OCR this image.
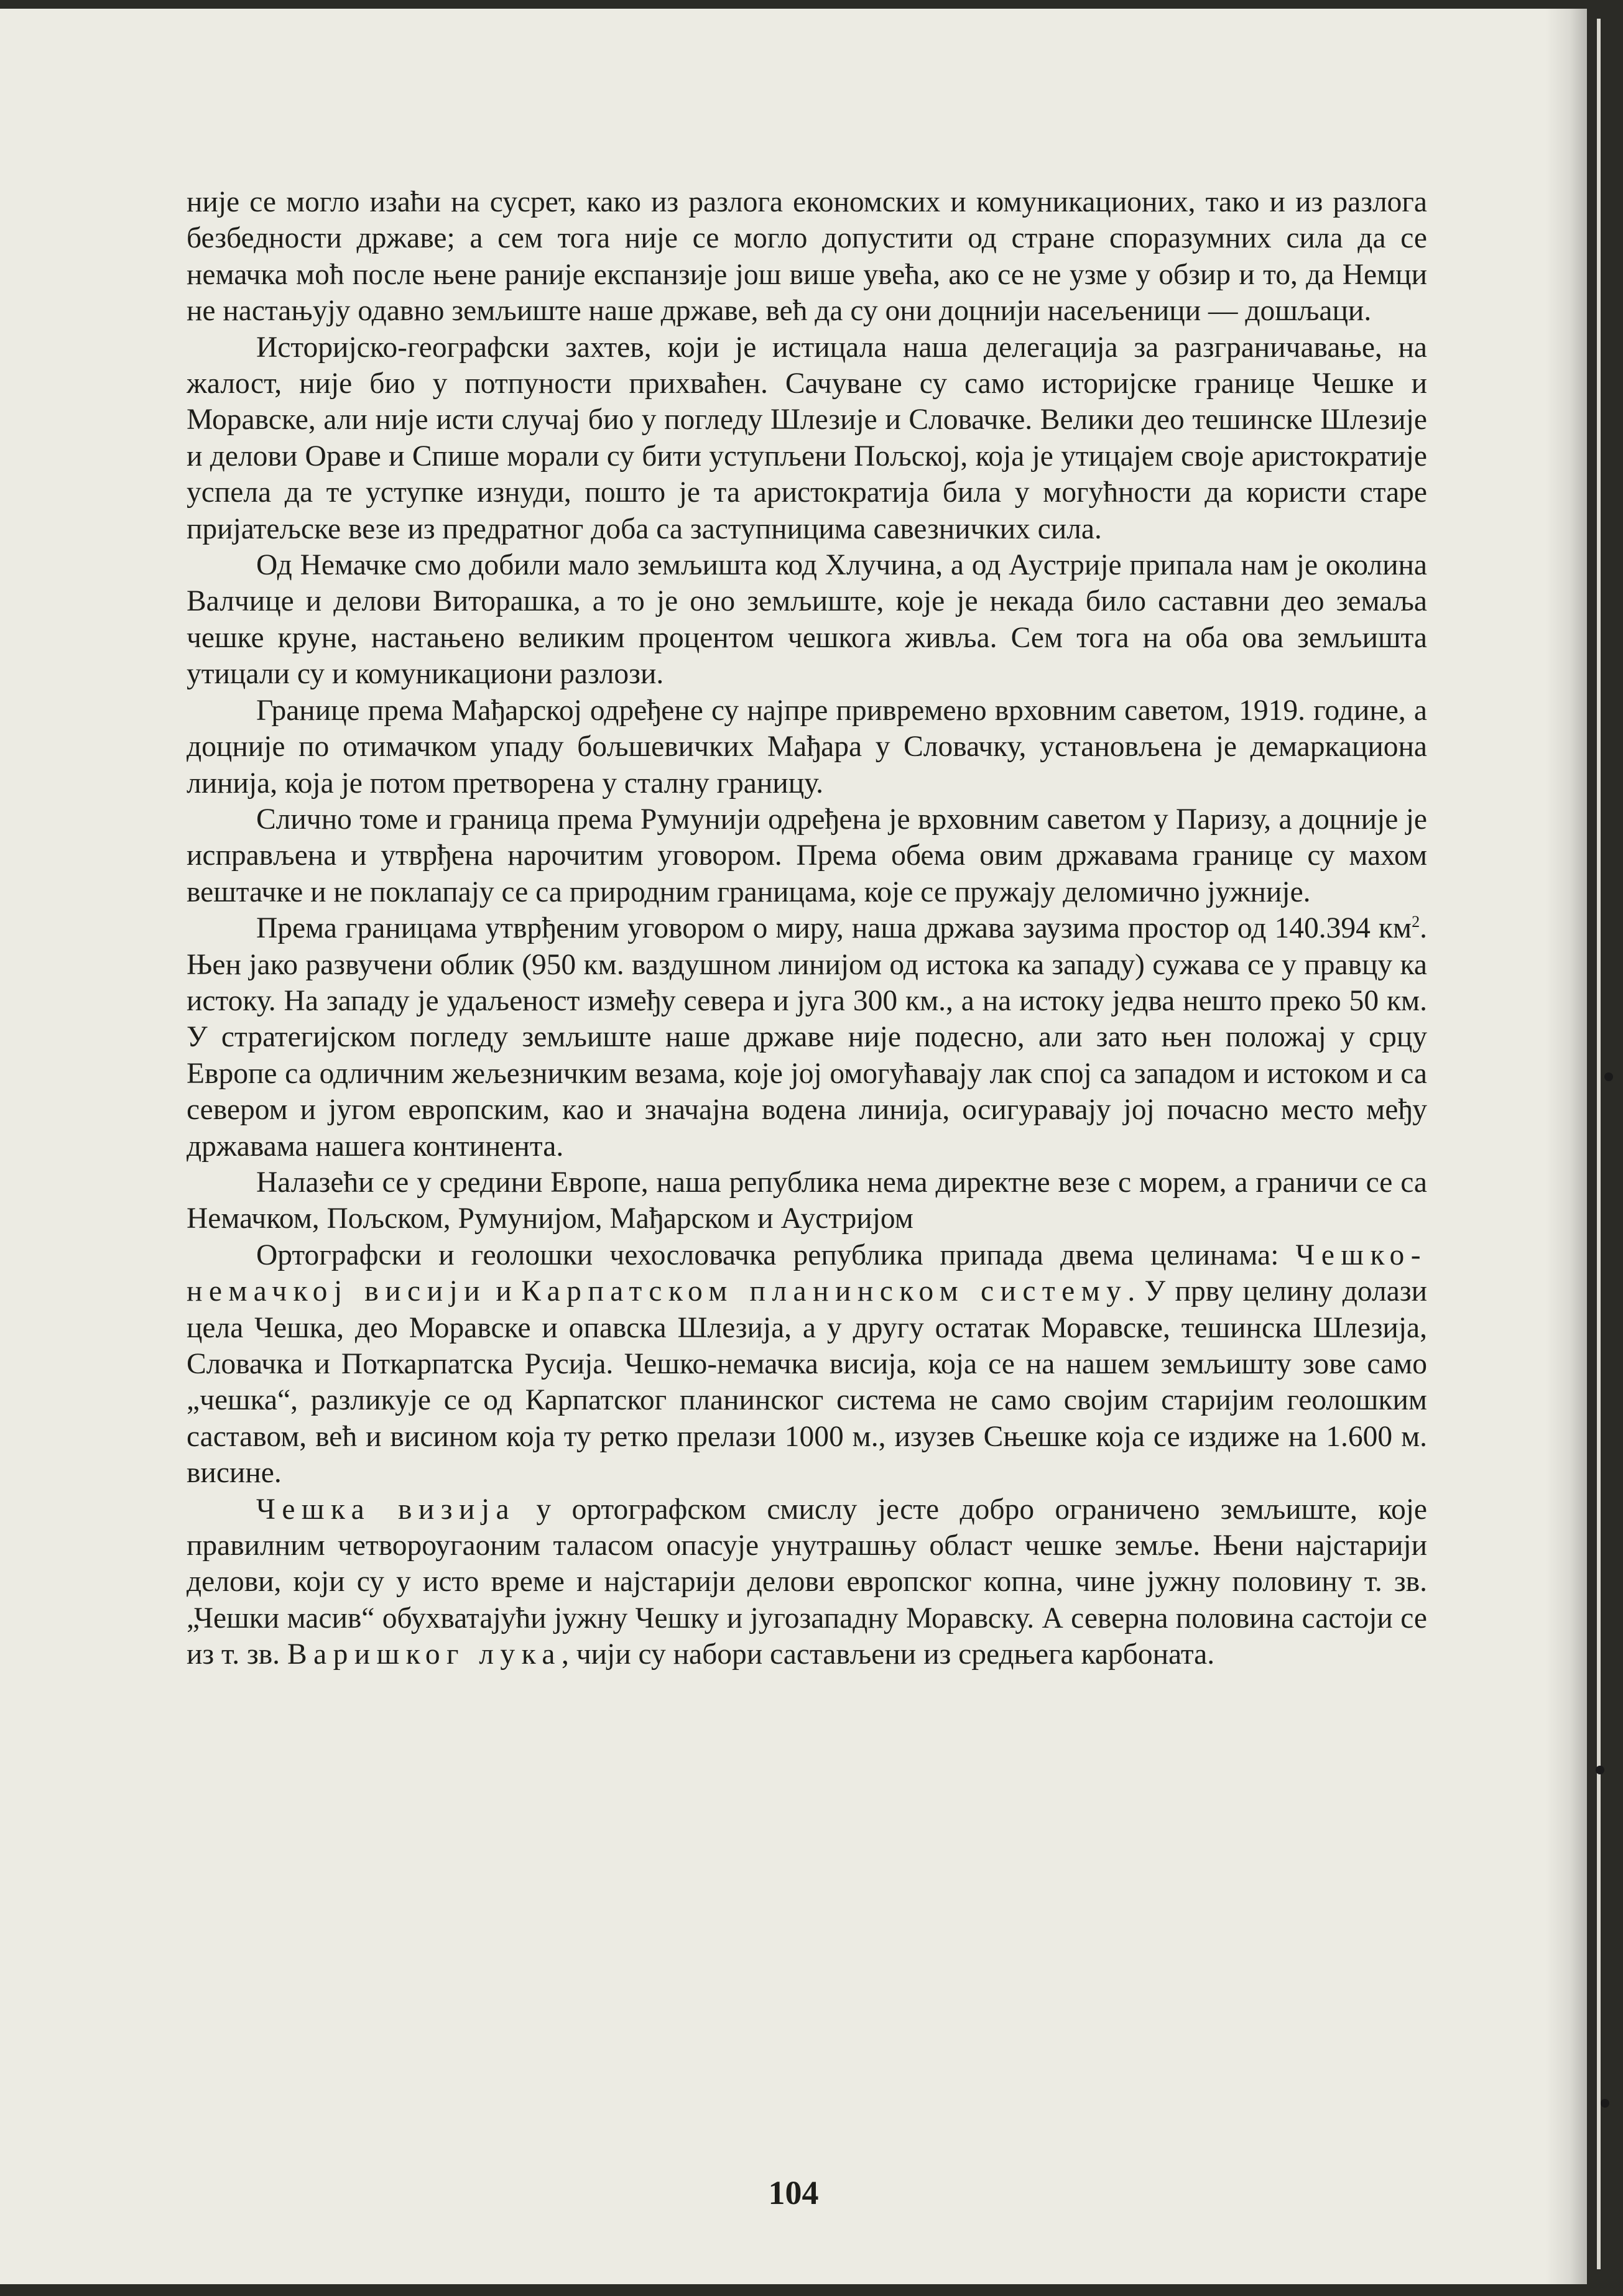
није се могло изаћи на сусрет, како из разлога економских и комуникационих, тако и из разлога безбедности државе; а сем тога није се могло допустити од стране споразумних сила да се немачка моћ после њене раније експанзије још више увећа, ако се не узме у обзир и то, да Немци не настањују одавно земљиште наше државе, већ да су они доцнији насељеници — дошљаци.

Историјско-географски захтев, који је истицала наша делегација за разграничавање, на жалост, није био у потпуности прихваћен. Сачуване су само историјске границе Чешке и Моравске, али није исти случај био у погледу Шлезије и Словачке. Велики део тешинске Шлезије и делови Ораве и Спише морали су бити уступљени Пољској, која је утицајем своје аристократије успела да те уступке изнуди, пошто је та аристократија била у могућности да користи старе пријатељске везе из предратног доба са заступницима савезничких сила.

Од Немачке смо добили мало земљишта код Хлучина, а од Аустрије припала нам је околина Валчице и делови Виторашка, а то је оно земљиште, које је некада било саставни део земаља чешке круне, настањено великим процентом чешкога живља. Сем тога на оба ова земљишта утицали су и комуникациони разлози.

Границе према Мађарској одређене су најпре привремено врховним саветом, 1919. године, а доцније по отимачком упаду бољшевичких Мађара у Словачку, установљена је демаркациона линија, која је потом претворена у сталну границу.

Слично томе и граница према Румунији одређена је врховним саветом у Паризу, а доцније је исправљена и утврђена нарочитим уговором. Према обема овим државама границе су махом вештачке и не поклапају се са природним границама, које се пружају деломично јужније.

Према границама утврђеним уговором о миру, наша држава заузима простор од 140.394 $км^2$. Њен јако развучени облик (950 км. ваздушном линијом од истока ка западу) сужава се у правцу ка истоку. На западу је удаљеност између севера и југа 300 км., а на истоку једва нешто преко 50 км. У стратегијском погледу земљиште наше државе није подесно, али зато њен положај у срцу Европе са одличним жељезничким везама, које јој омогућавају лак спој са западом и истоком и са севером и југом европским, као и значајна водена линија, осигуравају јој почасно место међу државама нашега континента.

Налазећи се у средини Европе, наша република нема директне везе с морем, а граничи се са Немачком, Пољском, Румунијом, Мађарском и Аустријом

Ортографски и геолошки чехословачка република припада двема целинама: Чешко-немачкој висији и Карпатском планинском систему. У прву целину долази цела Чешка, део Моравске и опавска Шлезија, а у другу остатак Моравске, тешинска Шлезија, Словачка и Поткарпатска Русија. Чешко-немачка висија, која се на нашем земљишту зове само „чешка“, разликује се од Карпатског планинског система не само својим старијим геолошким саставом, већ и висином која ту ретко прелази 1000 м., изузев Сњешке која се издиже на 1.600 м. висине.

Чешка визија у ортографском смислу јесте добро ограничено земљиште, које правилним четвороугаоним таласом опасује унутрашњу област чешке земље. Њени најстарији делови, који су у исто време и најстарији делови европског копна, чине јужну половину т. зв. „Чешки масив“ обухватајући јужну Чешку и југозападну Моравску. А северна половина састоји се из т. зв. Варишког лука, чији су набори састављени из средњега карбоната.

104
